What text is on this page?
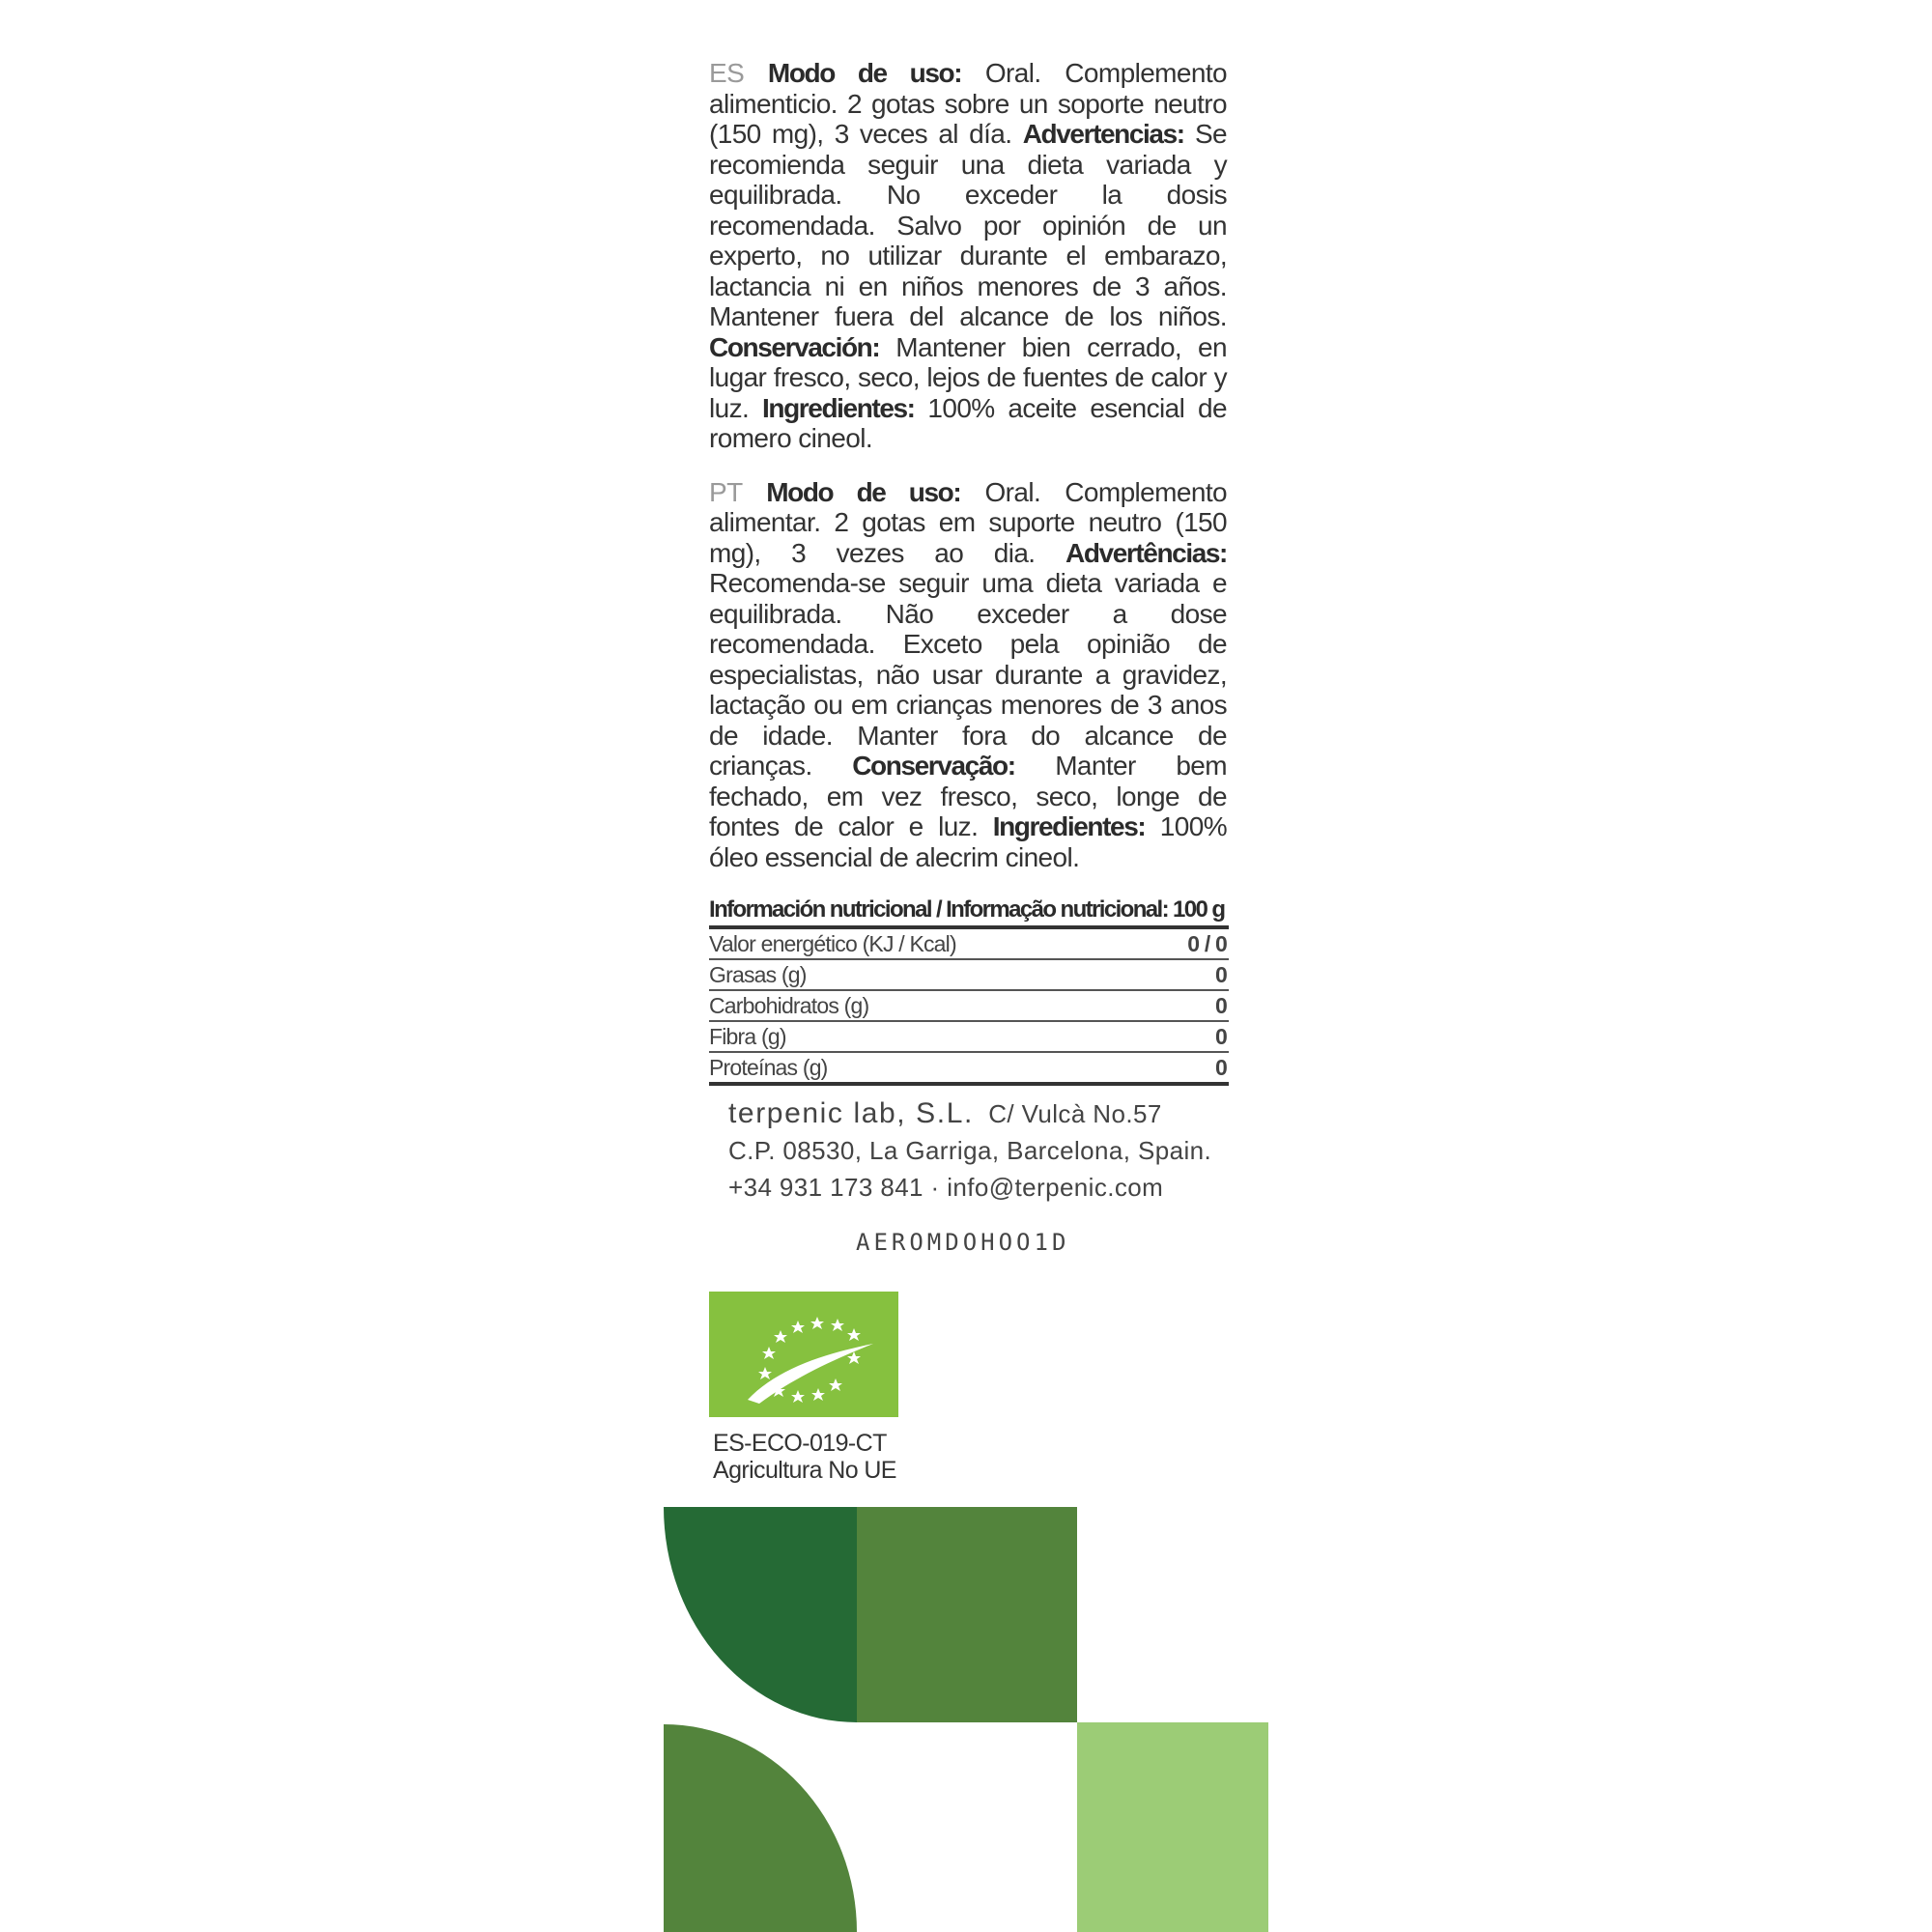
ES Modo de uso: Oral. Complemento alimenticio. 2 gotas sobre un soporte neutro (150 mg), 3 veces al día. Advertencias: Se recomienda seguir una dieta variada y equilibrada. No exceder la dosis recomendada. Salvo por opinión de un experto, no utilizar durante el embarazo, lactancia ni en niños menores de 3 años. Mantener fuera del alcance de los niños. Conservación: Mantener bien cerrado, en lugar fresco, seco, lejos de fuentes de calor y luz. Ingredientes: 100% aceite esencial de romero cineol.

PT Modo de uso: Oral. Complemento alimentar. 2 gotas em suporte neutro (150 mg), 3 vezes ao dia. Advertências: Recomenda-se seguir uma dieta variada e equilibrada. Não exceder a dose recomendada. Exceto pela opinião de especialistas, não usar durante a gravidez, lactação ou em crianças menores de 3 anos de idade. Manter fora do alcance de crianças. Conservação: Manter bem fechado, em vez fresco, seco, longe de fontes de calor e luz. Ingredientes: 100% óleo essencial de alecrim cineol.

Información nutricional / Informação nutricional: 100 g
Valor energético (KJ / Kcal)	0 / 0
Grasas (g)	0
Carbohidratos (g)	0
Fibra (g)	0
Proteínas (g)	0
terpenic lab, S.L. C/ Vulcà No.57
C.P. 08530, La Garriga, Barcelona, Spain.
+34 931 173 841 · info@terpenic.com
AEROMDOHOO1D
ES-ECO-019-CT
Agricultura No UE
